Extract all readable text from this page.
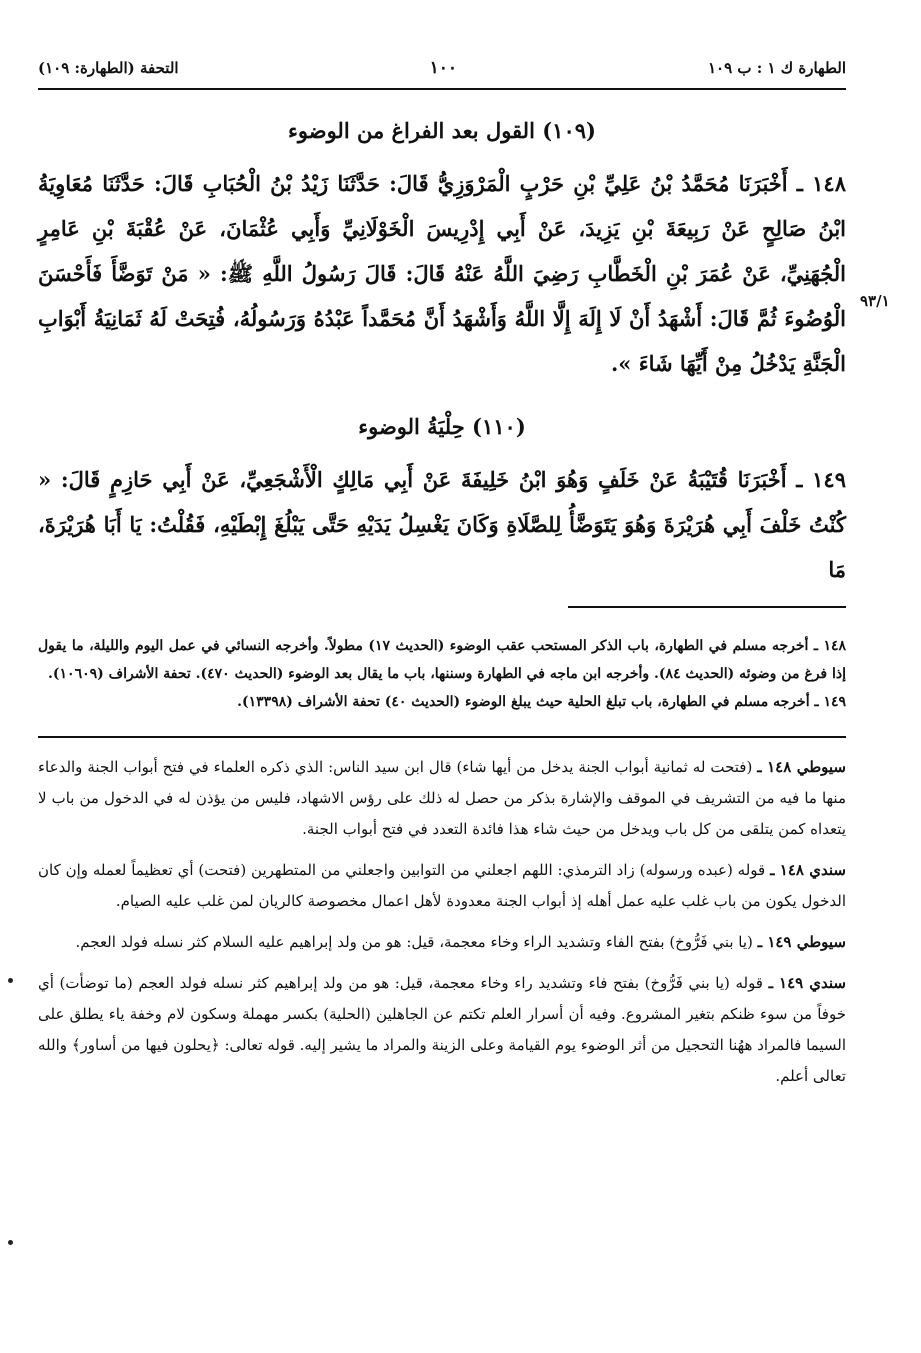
التحفة (الطهارة: ١٠٩)	١٠٠	الطهارة ك ١ : ب ١٠٩
(١٠٩) القول بعد الفراغ من الوضوء
١٤٨ ـ أَخْبَرَنَا مُحَمَّدُ بْنُ عَلِيِّ بْنِ حَرْبٍ الْمَرْوَزِيُّ قَالَ: حَدَّثَنَا زَيْدُ بْنُ الْحُبَابِ قَالَ: حَدَّثَنَا مُعَاوِيَةُ ابْنُ صَالِحٍ عَنْ رَبِيعَةَ بْنِ يَزِيدَ، عَنْ أَبِي إِدْرِيسَ الْخَوْلَانِيِّ وَأَبِي عُثْمَانَ، عَنْ عُقْبَةَ بْنِ عَامِرٍ الْجُهَنِيِّ، عَنْ عُمَرَ بْنِ الْخَطَّابِ رَضِيَ اللَّهُ عَنْهُ قَالَ: قَالَ رَسُولُ اللَّهِ ﷺ: « مَنْ تَوَضَّأَ فَأَحْسَنَ الْوُضُوءَ ثُمَّ قَالَ: أَشْهَدُ أَنْ لَا إِلَهَ إِلَّا اللَّهُ وَأَشْهَدُ أَنَّ مُحَمَّداً عَبْدُهُ وَرَسُولُهُ، فُتِحَتْ لَهُ ثَمَانِيَةُ أَبْوَابِ الْجَنَّةِ يَدْخُلُ مِنْ أَيِّهَا شَاءَ ».
(١١٠) حِلْيَةُ الوضوء
١٤٩ ـ أَخْبَرَنَا قُتَيْبَةُ عَنْ خَلَفٍ وَهُوَ ابْنُ خَلِيفَةَ عَنْ أَبِي مَالِكٍ الْأَشْجَعِيِّ، عَنْ أَبِي حَازِمٍ قَالَ: « كُنْتُ خَلْفَ أَبِي هُرَيْرَةَ وَهُوَ يَتَوَضَّأُ لِلصَّلَاةِ وَكَانَ يَغْسِلُ يَدَيْهِ حَتَّى يَبْلُغَ إِبْطَيْهِ، فَقُلْتُ: يَا أَبَا هُرَيْرَةَ، مَا

١٤٨ ـ أخرجه مسلم في الطهارة، باب الذكر المستحب عقب الوضوء (الحديث ١٧) مطولاً. وأخرجه النسائي في عمل اليوم والليلة، ما يقول إذا فرغ من وضوئه (الحديث ٨٤). وأخرجه ابن ماجه في الطهارة وسننها، باب ما يقال بعد الوضوء (الحديث ٤٧٠). تحفة الأشراف (١٠٦٠٩).

١٤٩ ـ أخرجه مسلم في الطهارة، باب تبلغ الحلية حيث يبلغ الوضوء (الحديث ٤٠) تحفة الأشراف (١٣٣٩٨).

سيوطي ١٤٨ ـ (فتحت له ثمانية أبواب الجنة يدخل من أيها شاء) قال ابن سيد الناس: الذي ذكره العلماء في فتح أبواب الجنة والدعاء منها ما فيه من التشريف في الموقف والإشارة بذكر من حصل له ذلك على رؤس الاشهاد، فليس من يؤذن له في الدخول من باب لا يتعداه كمن يتلقى من كل باب ويدخل من حيث شاء هذا فائدة التعدد في فتح أبواب الجنة.

سندي ١٤٨ ـ قوله (عبده ورسوله) زاد الترمذي: اللهم اجعلني من التوابين واجعلني من المتطهرين (فتحت) أي تعظيماً لعمله وإن كان الدخول يكون من باب غلب عليه عمل أهله إذ أبواب الجنة معدودة لأهل اعمال مخصوصة كالريان لمن غلب عليه الصيام.

سيوطي ١٤٩ ـ (يا بني فَرُّوخ) بفتح الفاء وتشديد الراء وخاء معجمة، قيل: هو من ولد إبراهيم عليه السلام كثر نسله فولد العجم.

سندي ١٤٩ ـ قوله (يا بني فَرُّوخ) بفتح فاء وتشديد راء وخاء معجمة، قيل: هو من ولد إبراهيم كثر نسله فولد العجم (ما توضأت) أي خوفاً من سوء ظنكم بتغير المشروع. وفيه أن أسرار العلم تكتم عن الجاهلين (الحلية) بكسر مهملة وسكون لام وخفة ياء يطلق على السيما فالمراد ههُنا التحجيل من أثر الوضوء يوم القيامة وعلى الزينة والمراد ما يشير إليه. قوله تعالى: ﴿يحلون فيها من أساور﴾ والله تعالى أعلم.

٩٣/١
